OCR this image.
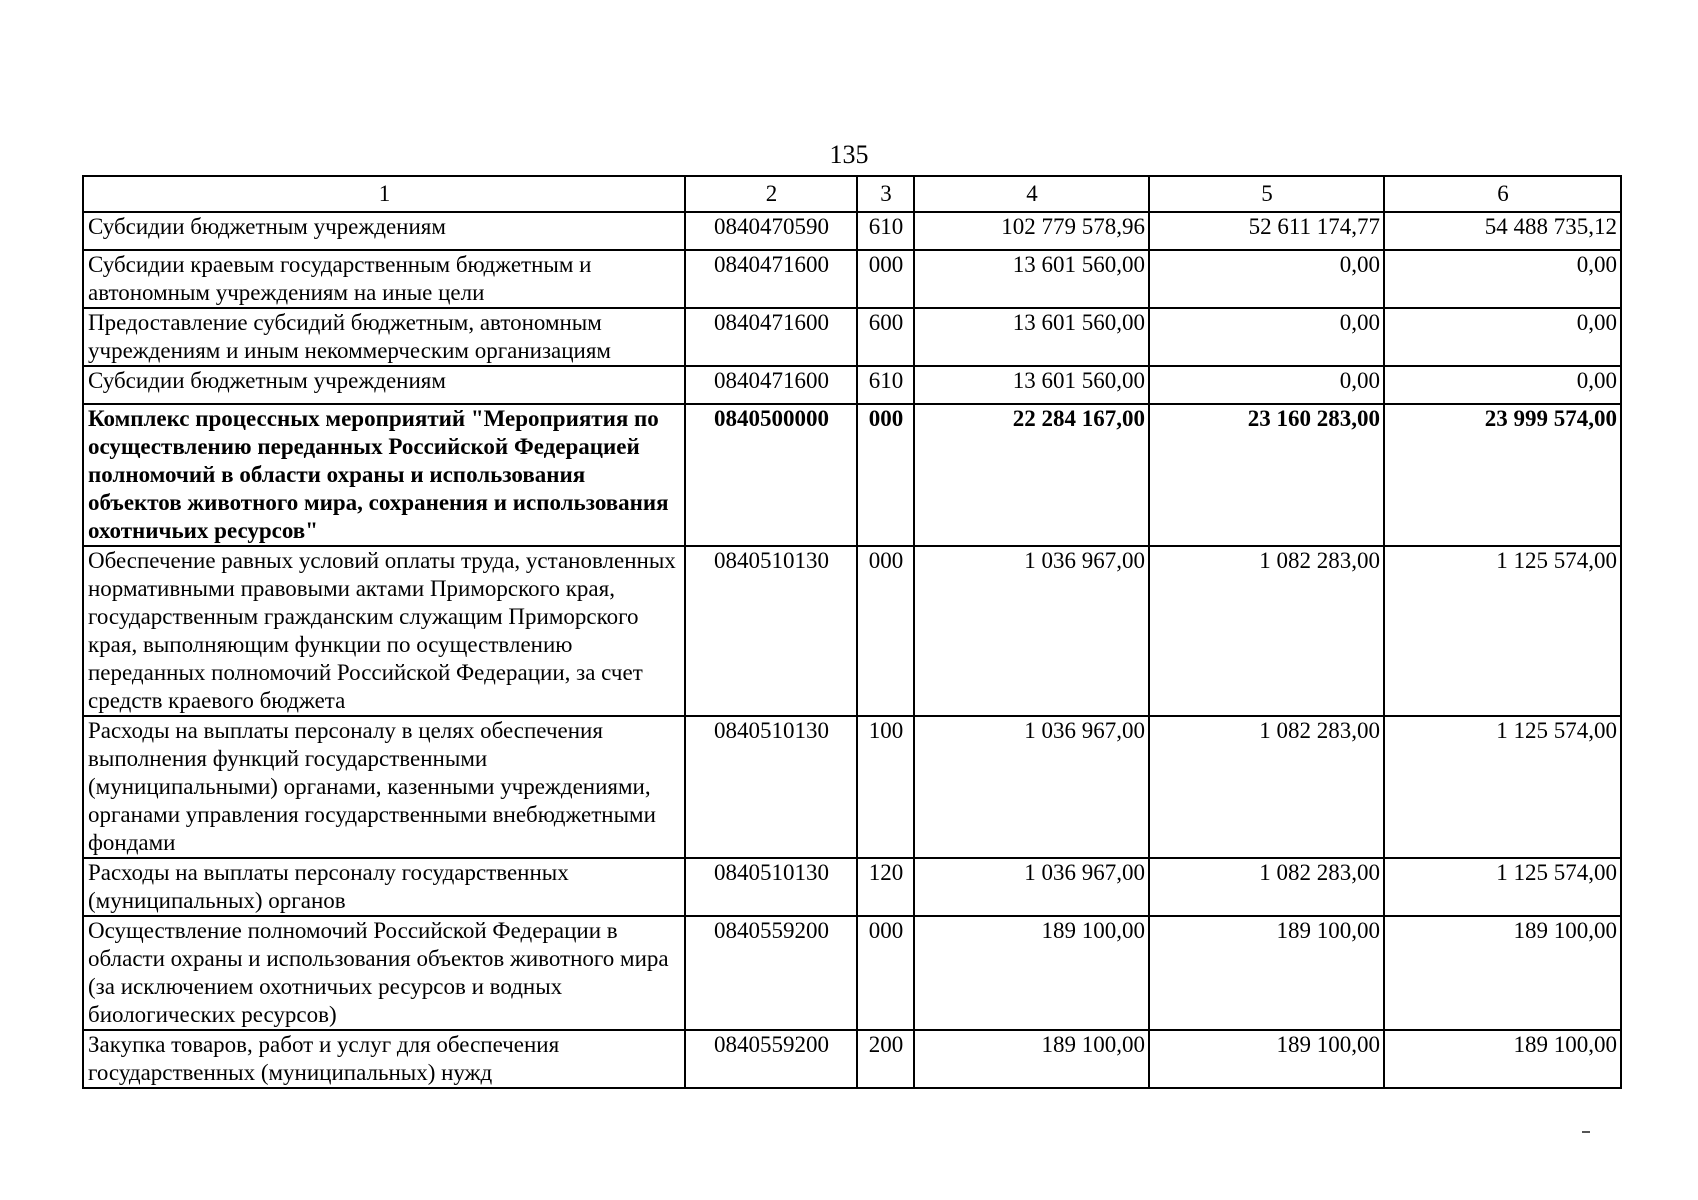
135
1	2	3	4	5	6
Субсидии бюджетным учреждениям	0840470590	610	102 779 578,96	52 611 174,77	54 488 735,12
Субсидии краевым государственным бюджетным и автономным учреждениям на иные цели	0840471600	000	13 601 560,00	0,00	0,00
Предоставление субсидий бюджетным, автономным учреждениям и иным некоммерческим организациям	0840471600	600	13 601 560,00	0,00	0,00
Субсидии бюджетным учреждениям	0840471600	610	13 601 560,00	0,00	0,00
Комплекс процессных мероприятий "Мероприятия по осуществлению переданных Российской Федерацией полномочий в области охраны и использования объектов животного мира, сохранения и использования охотничьих ресурсов"	0840500000	000	22 284 167,00	23 160 283,00	23 999 574,00
Обеспечение равных условий оплаты труда, установленных нормативными правовыми актами Приморского края, государственным гражданским служащим Приморского края, выполняющим функции по осуществлению переданных полномочий Российской Федерации, за счет средств краевого бюджета	0840510130	000	1 036 967,00	1 082 283,00	1 125 574,00
Расходы на выплаты персоналу в целях обеспечения выполнения функций государственными (муниципальными) органами, казенными учреждениями, органами управления государственными внебюджетными фондами	0840510130	100	1 036 967,00	1 082 283,00	1 125 574,00
Расходы на выплаты персоналу государственных (муниципальных) органов	0840510130	120	1 036 967,00	1 082 283,00	1 125 574,00
Осуществление полномочий Российской Федерации в области охраны и использования объектов животного мира (за исключением охотничьих ресурсов и водных биологических ресурсов)	0840559200	000	189 100,00	189 100,00	189 100,00
Закупка товаров, работ и услуг для обеспечения государственных (муниципальных) нужд	0840559200	200	189 100,00	189 100,00	189 100,00
